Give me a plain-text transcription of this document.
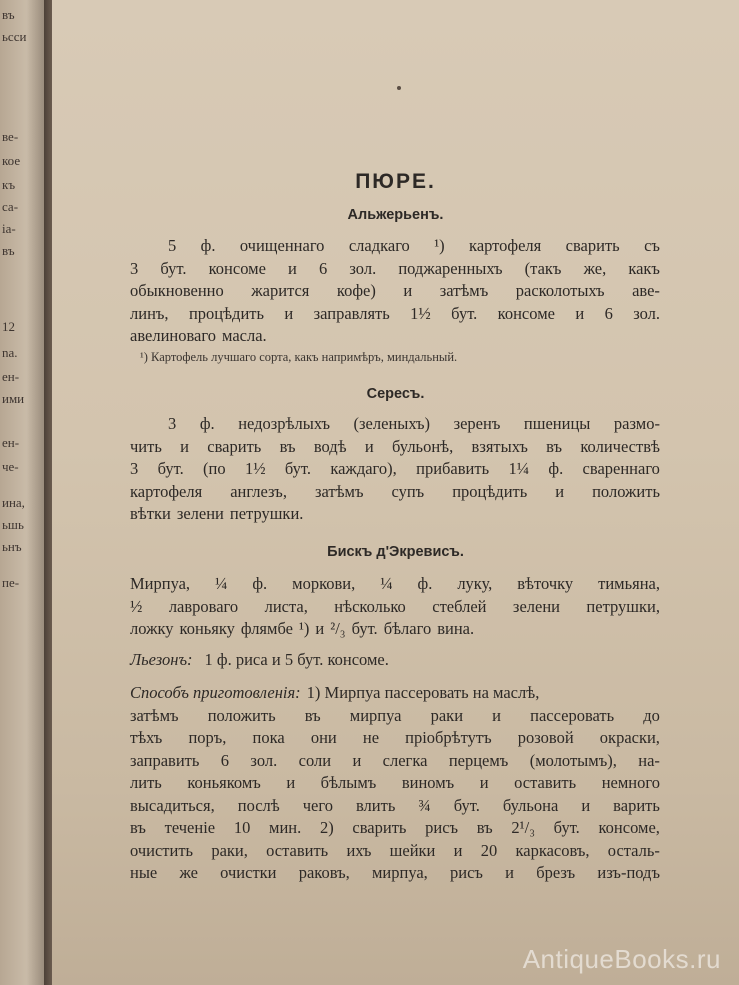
въ
ьсси
ве-
кое
къ
са-
ia-
въ
12
na.
ен-
ими
ен-
че-
ина,
ьшь
ьнъ
пе-
ПЮРЕ.
Альжерьенъ.
5 ф. очищеннаго сладкаго ¹) картофеля сварить съ
3 бут. консоме и 6 зол. поджаренныхъ (такъ же, какъ
обыкновенно жарится кофе) и затѣмъ расколотыхъ аве-
линъ, процѣдить и заправлять 1½ бут. консоме и 6 зол.
авелиноваго масла.
¹) Картофель лучшаго сорта, какъ напримѣръ, миндальный.
Сересъ.
3 ф. недозрѣлыхъ (зеленыхъ) зеренъ пшеницы размо-
чить и сварить въ водѣ и бульонѣ, взятыхъ въ количествѣ
3 бут. (по 1½ бут. каждаго), прибавить 1¼ ф. свареннаго
картофеля англезъ, затѣмъ супъ процѣдить и положить
вѣтки зелени петрушки.
Бискъ д'Экревисъ.
Мирпуа, ¼ ф. моркови, ¼ ф. луку, вѣточку тимьяна,
½ лавроваго листа, нѣсколько стеблей зелени петрушки,
ложку коньяку флямбе ¹) и ²/₃ бут. бѣлаго вина.
Льезонъ: 1 ф. риса и 5 бут. консоме.
Способъ приготовленія: 1) Мирпуа пассеровать на маслѣ,
затѣмъ положить въ мирпуа раки и пассеровать до
тѣхъ поръ, пока они не пріобрѣтутъ розовой окраски,
заправить 6 зол. соли и слегка перцемъ (молотымъ), на-
лить коньякомъ и бѣлымъ виномъ и оставить немного
высадиться, послѣ чего влить ¾ бут. бульона и варить
въ теченіе 10 мин. 2) сварить рисъ въ 2¹/₃ бут. консоме,
очистить раки, оставить ихъ шейки и 20 каркасовъ, осталь-
ные же очистки раковъ, мирпуа, рисъ и брезъ изъ-подъ
AntiqueBooks.ru
